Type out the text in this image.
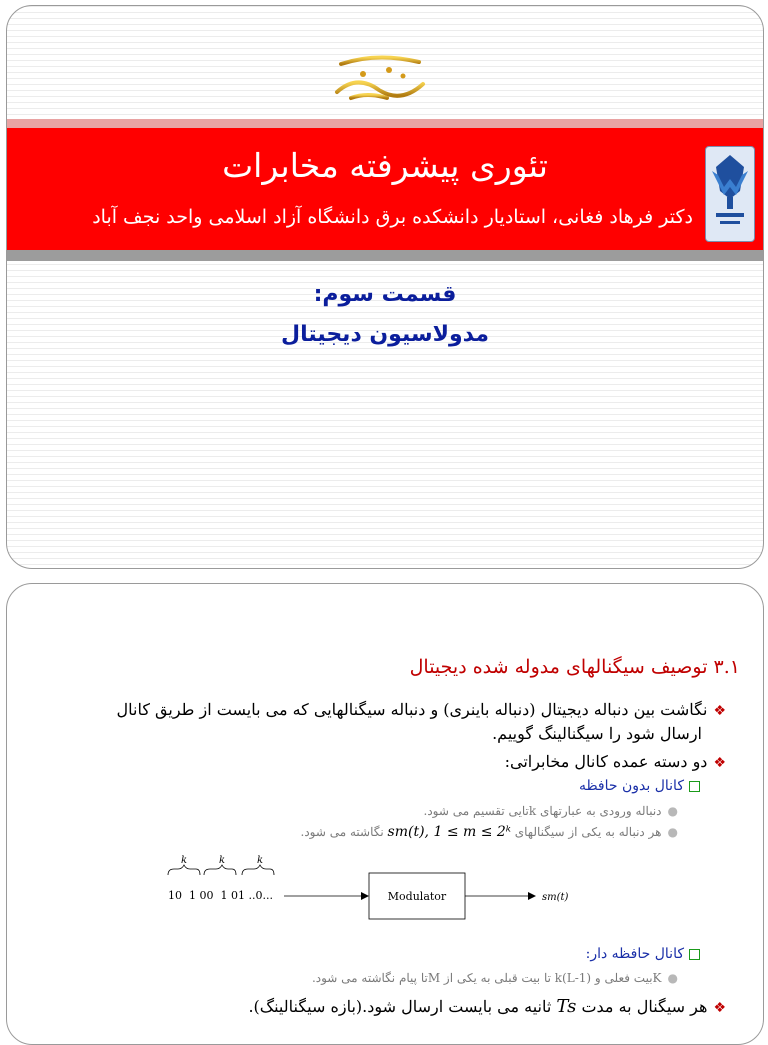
تئوری پیشرفته مخابرات
دکتر فرهاد فغانی، استادیار دانشکده برق دانشگاه آزاد اسلامی واحد نجف آباد
قسمت سوم:
مدولاسیون دیجیتال
۳.۱ توصیف سیگنالهای مدوله شده دیجیتال
❖نگاشت بین دنباله دیجیتال (دنباله باینری) و دنباله سیگنالهایی که می بایست از طریق کانال
ارسال شود را سیگنالینگ گوییم.
❖دو دسته عمده کانال مخابراتی:
کانال بدون حافظه
●دنباله ورودی به عبارتهای kتایی تقسیم می شود.
●هر دنباله به یکی از سیگنالهای sm(t), 1 ≤ m ≤ 2ᵏ نگاشته می شود.
k	k	k
10  1 00  1 01 ..0...	Modulator	sm(t)
کانال حافظه دار:
●Kبیت فعلی و k(L-1) تا بیت قبلی به یکی از Mتا پیام نگاشته می شود.
❖هر سیگنال به مدت Ts ثانیه می بایست ارسال شود.(بازه سیگنالینگ).
